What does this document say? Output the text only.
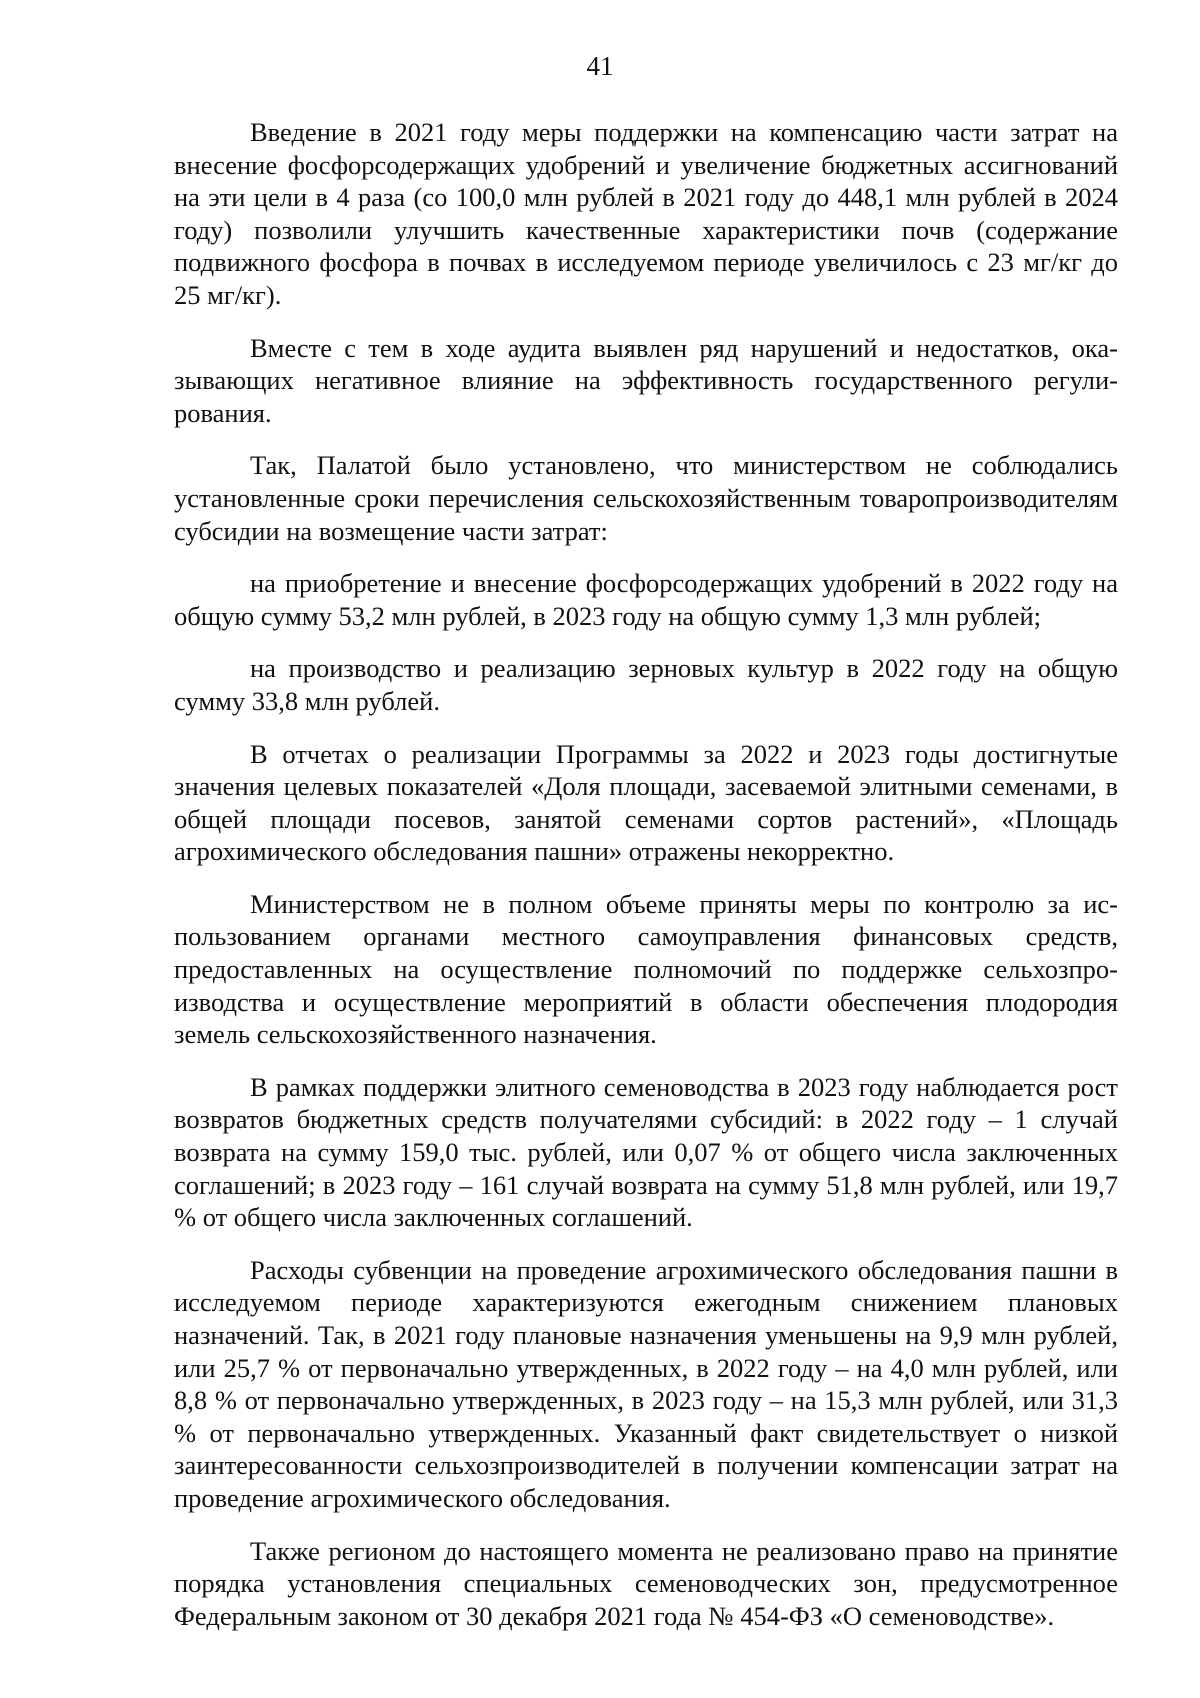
41

Введение в 2021 году меры поддержки на компенсацию части затрат на внесение фосфорсодержащих удобрений и увеличение бюджетных ассигнований на эти цели в 4 раза (со 100,0 млн рублей в 2021 году до 448,1 млн рублей в 2024 году) позволили улучшить качественные характеристики почв (содержание подвижного фосфора в почвах в исследуемом периоде увеличилось с 23 мг/кг до 25 мг/кг).

Вместе с тем в ходе аудита выявлен ряд нарушений и недостатков, оказывающих негативное влияние на эффективность государственного регулирования.

Так, Палатой было установлено, что министерством не соблюдались установленные сроки перечисления сельскохозяйственным товаропроизводителям субсидии на возмещение части затрат:

на приобретение и внесение фосфорсодержащих удобрений в 2022 году на общую сумму 53,2 млн рублей, в 2023 году на общую сумму 1,3 млн рублей;

на производство и реализацию зерновых культур в 2022 году на общую сумму 33,8 млн рублей.

В отчетах о реализации Программы за 2022 и 2023 годы достигнутые значения целевых показателей «Доля площади, засеваемой элитными семенами, в общей площади посевов, занятой семенами сортов растений», «Площадь агрохимического обследования пашни» отражены некорректно.

Министерством не в полном объеме приняты меры по контролю за использованием органами местного самоуправления финансовых средств, предоставленных на осуществление полномочий по поддержке сельхозпроизводства и осуществление мероприятий в области обеспечения плодородия земель сельскохозяйственного назначения.

В рамках поддержки элитного семеноводства в 2023 году наблюдается рост возвратов бюджетных средств получателями субсидий: в 2022 году – 1 случай возврата на сумму 159,0 тыс. рублей, или 0,07 % от общего числа заключенных соглашений; в 2023 году – 161 случай возврата на сумму 51,8 млн рублей, или 19,7 % от общего числа заключенных соглашений.

Расходы субвенции на проведение агрохимического обследования пашни в исследуемом периоде характеризуются ежегодным снижением плановых назначений. Так, в 2021 году плановые назначения уменьшены на 9,9 млн рублей, или 25,7 % от первоначально утвержденных, в 2022 году – на 4,0 млн рублей, или 8,8 % от первоначально утвержденных, в 2023 году – на 15,3 млн рублей, или 31,3 % от первоначально утвержденных. Указанный факт свидетельствует о низкой заинтересованности сельхозпроизводителей в получении компенсации затрат на проведение агрохимического обследования.

Также регионом до настоящего момента не реализовано право на принятие порядка установления специальных семеноводческих зон, предусмотренное Федеральным законом от 30 декабря 2021 года № 454-ФЗ «О семеноводстве».
